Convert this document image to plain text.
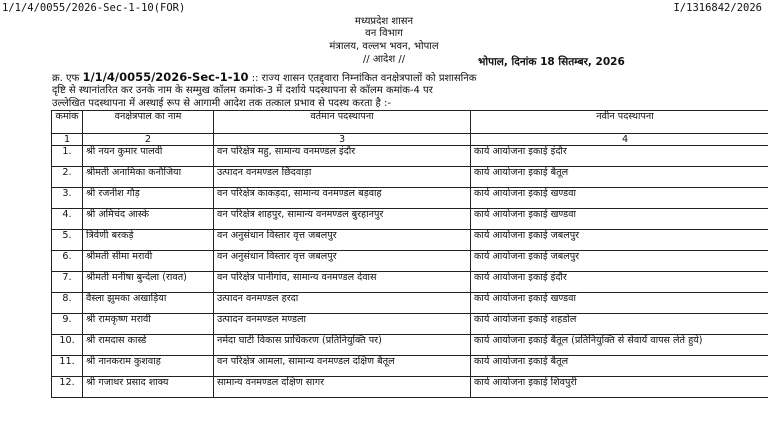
1/1/4/0055/2026-Sec-1-10(FOR)	I/1316842/2026
मध्यप्रदेश शासन
वन विभाग
मंत्रालय, वल्लभ भवन, भोपाल
// आदेश //	भोपाल, दिनांक 18 सितम्बर, 2026
क्र. एफ 1/1/4/0055/2026-Sec-1-10 :: राज्य शासन एतद्द्वारा निम्नांकित वनक्षेत्रपालों को प्रशासनिक
दृष्टि से स्थानांतरित कर उनके नाम के सम्मुख कॉलम कमांक-3 में दर्शाये पदस्थापना से कॉलम कमांक-4 पर
उल्लेखित पदस्थापना में अस्थाई रूप से आगामी आदेश तक तत्काल प्रभाव से पदस्थ करता है :-
कमांक	वनक्षेत्रपाल का नाम	वर्तमान पदस्थापना	नवीन पदस्थापना
1	2	3	4
1.	श्री नयन कुमार पालवी	वन परिक्षेत्र महु, सामान्य वनमण्डल इंदौर	कार्य आयोजना इकाई इंदौर
2.	श्रीमती अनामिका कनौजिया	उत्पादन वनमण्डल छिंदवाड़ा	कार्य आयोजना इकाई बैतूल
3.	श्री रजनीश गौड़	वन परिक्षेत्र काकड़दा, सामान्य वनमण्डल बड़वाह	कार्य आयोजना इकाई खण्डवा
4.	श्री अमिचंद आस्के	वन परिक्षेत्र शाहपुर, सामान्य वनमण्डल बुरहानपुर	कार्य आयोजना इकाई खण्डवा
5.	त्रिवेणी बरकड़े	वन अनुसंधान विस्तार वृत्त जबलपुर	कार्य आयोजना इकाई जबलपुर
6.	श्रीमती सीमा मरावी	वन अनुसंधान विस्तार वृत्त जबलपुर	कार्य आयोजना इकाई जबलपुर
7.	श्रीमती मनीषा बुन्देला (रावत)	वन परिक्षेत्र पानीगांव, सामान्य वनमण्डल देवास	कार्य आयोजना इकाई इंदौर
8.	वैस्ला झुमका अखाड़िया	उत्पादन वनमण्डल हरदा	कार्य आयोजना इकाई खण्डवा
9.	श्री रामकृष्ण मरावी	उत्पादन वनमण्डल मण्डला	कार्य आयोजना इकाई शहडोल
10.	श्री रामदास कास्डे	नर्मदा घाटी विकास प्राधिकरण (प्रतिनियुक्ति पर)	कार्य आयोजना इकाई बैतूल (प्रतिनियुक्ति से सेवायें वापस लेते हुये)
11.	श्री नानकराम कुशवाह	वन परिक्षेत्र आमला, सामान्य वनमण्डल दक्षिण बैतूल	कार्य आयोजना इकाई बैतूल
12.	श्री गजाधर प्रसाद शाक्य	सामान्य वनमण्डल दक्षिण सागर	कार्य आयोजना इकाई शिवपुरी
